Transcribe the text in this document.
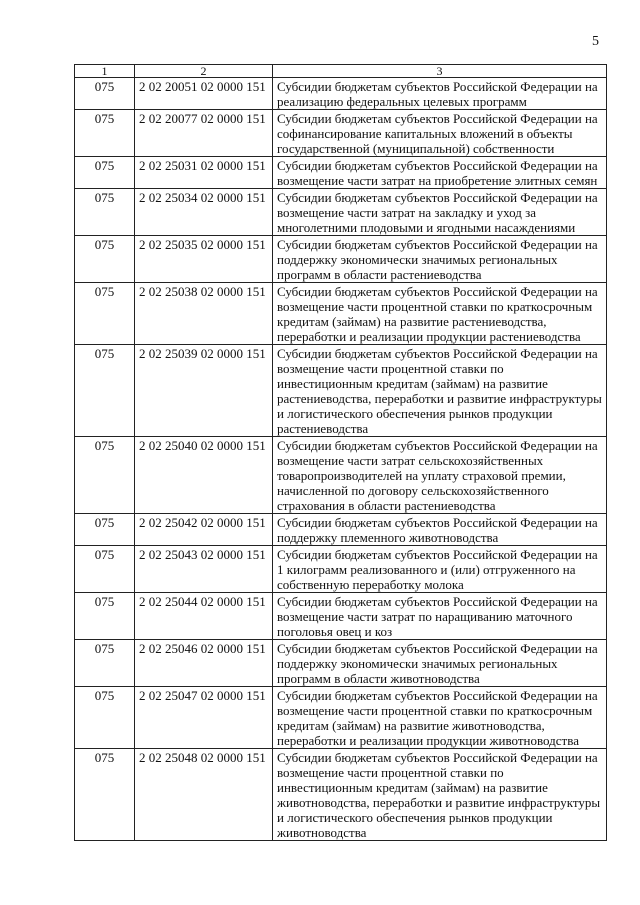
5
1	2	3
075	2 02 20051 02 0000 151	Субсидии бюджетам субъектов Российской Федерации на реализацию федеральных целевых программ
075	2 02 20077 02 0000 151	Субсидии бюджетам субъектов Российской Федерации на софинансирование капитальных вложений в объекты государственной (муниципальной) собственности
075	2 02 25031 02 0000 151	Субсидии бюджетам субъектов Российской Федерации на возмещение части затрат на приобретение элитных семян
075	2 02 25034 02 0000 151	Субсидии бюджетам субъектов Российской Федерации на возмещение части затрат на закладку и уход за многолетними плодовыми и ягодными насаждениями
075	2 02 25035 02 0000 151	Субсидии бюджетам субъектов Российской Федерации на поддержку экономически значимых региональных программ в области растениеводства
075	2 02 25038 02 0000 151	Субсидии бюджетам субъектов Российской Федерации на возмещение части процентной ставки по краткосрочным кредитам (займам) на развитие растениеводства, переработки и реализации продукции растениеводства
075	2 02 25039 02 0000 151	Субсидии бюджетам субъектов Российской Федерации на возмещение части процентной ставки по инвестиционным кредитам (займам) на развитие растениеводства, переработки и развитие инфраструктуры и логистического обеспечения рынков продукции растениеводства
075	2 02 25040 02 0000 151	Субсидии бюджетам субъектов Российской Федерации на возмещение части затрат сельскохозяйственных товаропроизводителей на уплату страховой премии, начисленной по договору сельскохозяйственного страхования в области растениеводства
075	2 02 25042 02 0000 151	Субсидии бюджетам субъектов Российской Федерации на поддержку племенного животноводства
075	2 02 25043 02 0000 151	Субсидии бюджетам субъектов Российской Федерации на 1 килограмм реализованного и (или) отгруженного на собственную переработку молока
075	2 02 25044 02 0000 151	Субсидии бюджетам субъектов Российской Федерации на возмещение части затрат по наращиванию маточного поголовья овец и коз
075	2 02 25046 02 0000 151	Субсидии бюджетам субъектов Российской Федерации на поддержку экономически значимых региональных программ в области животноводства
075	2 02 25047 02 0000 151	Субсидии бюджетам субъектов Российской Федерации на возмещение части процентной ставки по краткосрочным кредитам (займам) на развитие животноводства, переработки и реализации продукции животноводства
075	2 02 25048 02 0000 151	Субсидии бюджетам субъектов Российской Федерации на возмещение части процентной ставки по инвестиционным кредитам (займам) на развитие животноводства, переработки и развитие инфраструктуры и логистического обеспечения рынков продукции животноводства
